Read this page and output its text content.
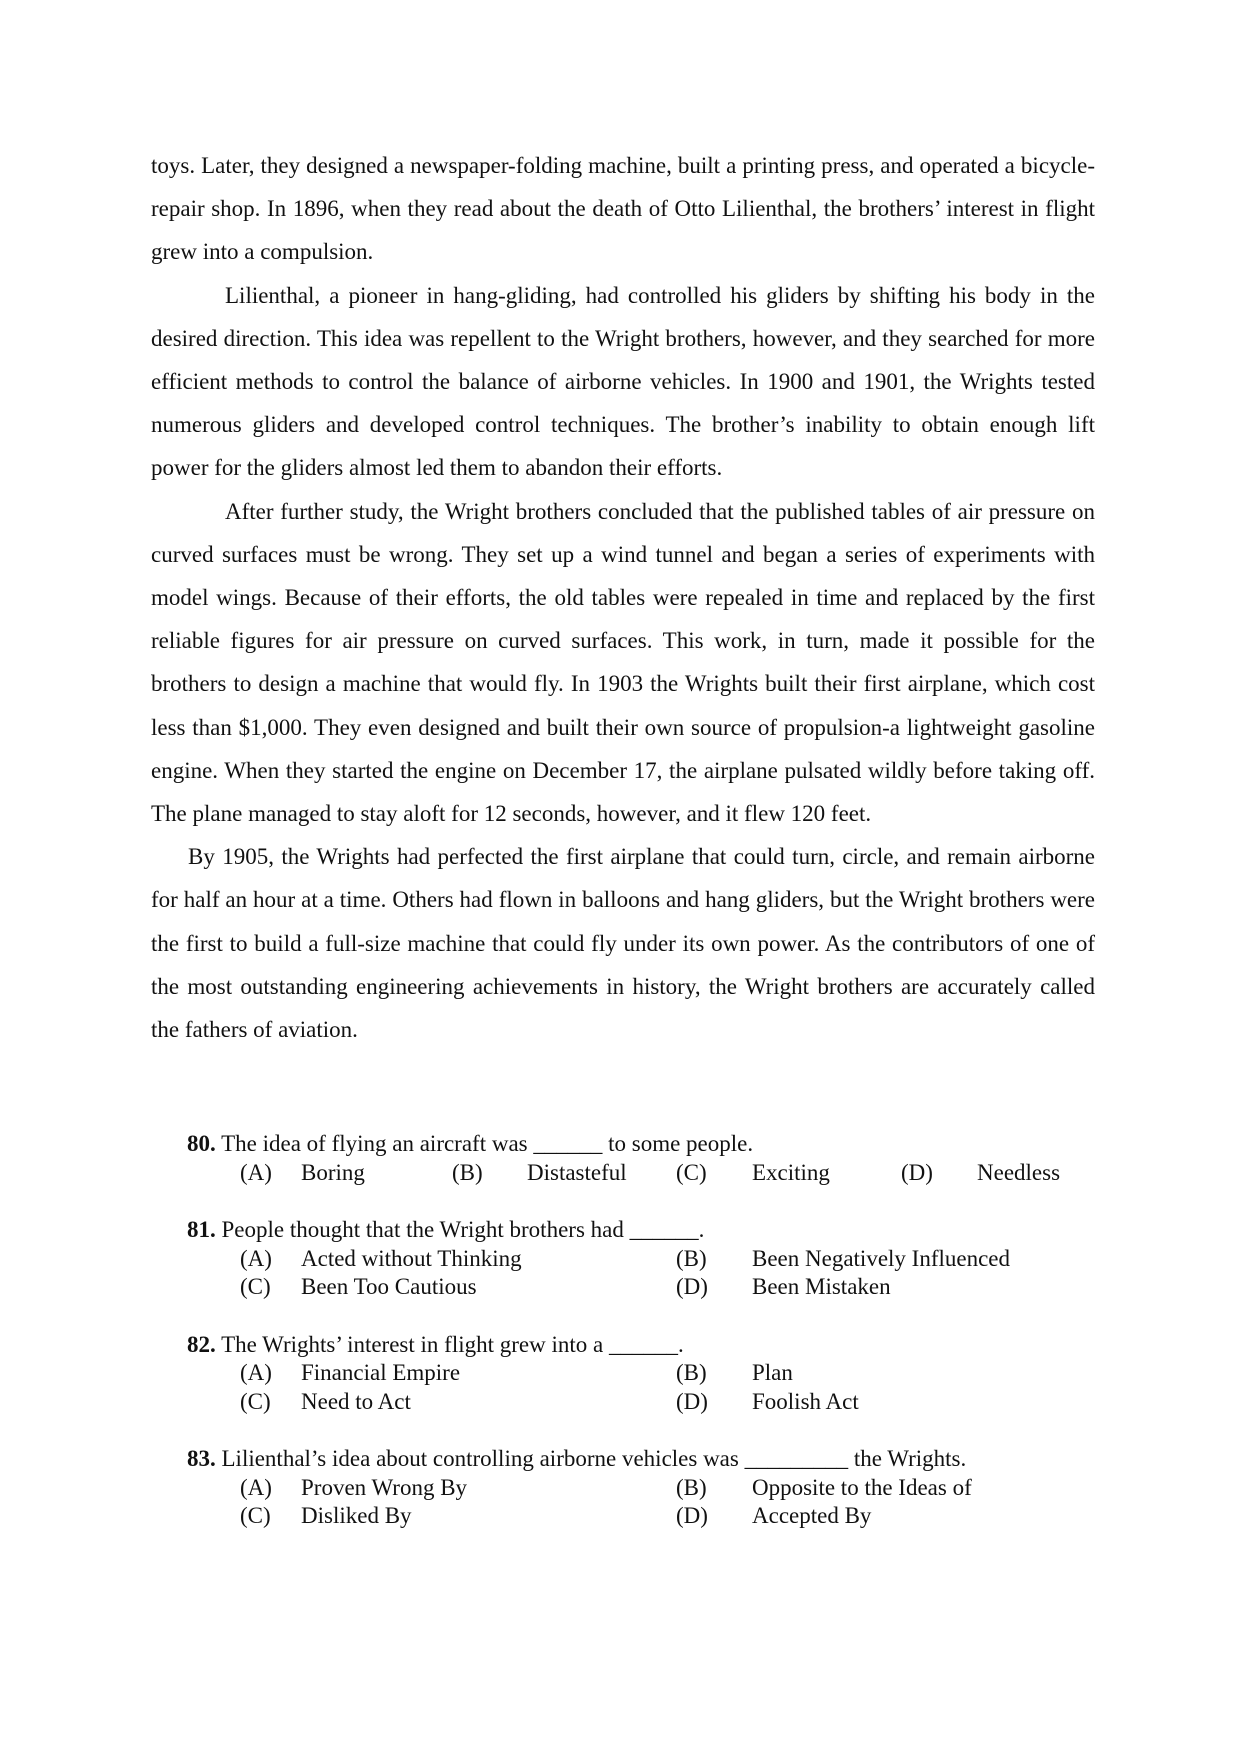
toys. Later, they designed a newspaper-folding machine, built a printing press, and operated a bicycle-repair shop. In 1896, when they read about the death of Otto Lilienthal, the brothers’ interest in flight grew into a compulsion.

Lilienthal, a pioneer in hang-gliding, had controlled his gliders by shifting his body in the desired direction. This idea was repellent to the Wright brothers, however, and they searched for more efficient methods to control the balance of airborne vehicles. In 1900 and 1901, the Wrights tested numerous gliders and developed control techniques. The brother’s inability to obtain enough lift power for the gliders almost led them to abandon their efforts.

After further study, the Wright brothers concluded that the published tables of air pressure on curved surfaces must be wrong. They set up a wind tunnel and began a series of experiments with model wings. Because of their efforts, the old tables were repealed in time and replaced by the first reliable figures for air pressure on curved surfaces. This work, in turn, made it possible for the brothers to design a machine that would fly. In 1903 the Wrights built their first airplane, which cost less than $1,000. They even designed and built their own source of propulsion-a lightweight gasoline engine. When they started the engine on December 17, the airplane pulsated wildly before taking off. The plane managed to stay aloft for 12 seconds, however, and it flew 120 feet.

By 1905, the Wrights had perfected the first airplane that could turn, circle, and remain airborne for half an hour at a time. Others had flown in balloons and hang gliders, but the Wright brothers were the first to build a full-size machine that could fly under its own power. As the contributors of one of the most outstanding engineering achievements in history, the Wright brothers are accurately called the fathers of aviation.

80. The idea of flying an aircraft was ______ to some people.

(A)	Boring	(B)	Distasteful (C)	Exciting	(D)	Needless

81. People thought that the Wright brothers had ______.

(A)	Acted without Thinking	(B)	Been Negatively Influenced
(C)	Been Too Cautious	(D)	Been Mistaken

82. The Wrights’ interest in flight grew into a ______.

(A)	Financial Empire	(B)	Plan
(C)	Need to Act	(D)	Foolish Act

83. Lilienthal’s idea about controlling airborne vehicles was _________ the Wrights.

(A)	Proven Wrong By	(B)	Opposite to the Ideas of
(C)	Disliked By	(D)	Accepted By
